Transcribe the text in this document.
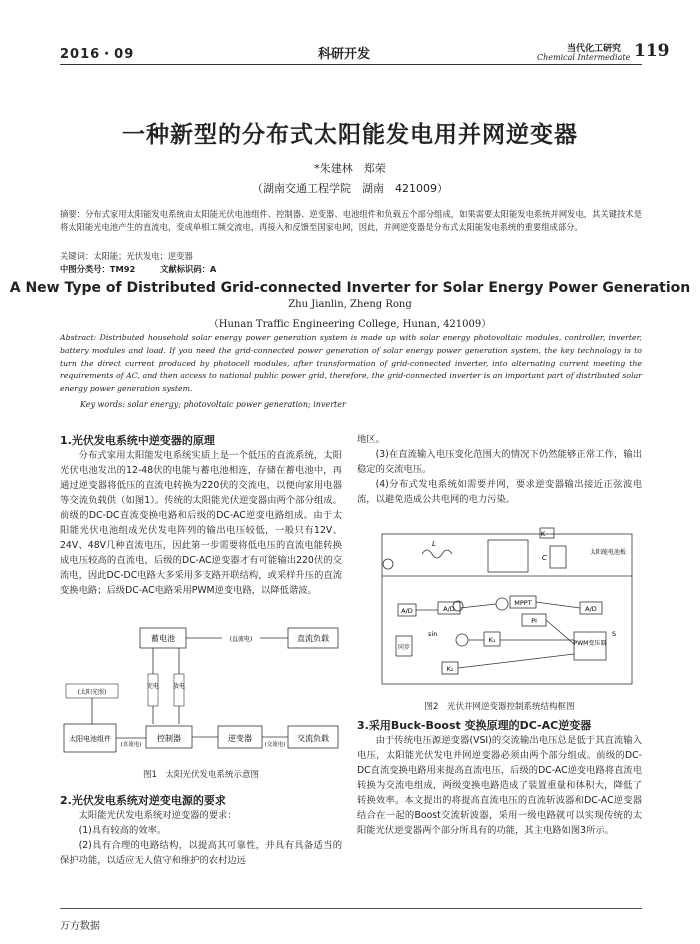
2016・09	科研开发	当代化工研究
Chemical Intermediate 119
一种新型的分布式太阳能发电用并网逆变器
*朱建林　郑荣
（湖南交通工程学院　湖南　421009）
摘要：分布式家用太阳能发电系统由太阳能光伏电池组件、控制器、逆变器、电池组件和负载五个部分组成，如果需要太阳能发电系统并网发电，其关键技术是将太阳能光电池产生的直流电，变成单相工频交流电，再接入和反馈至国家电网，因此，并网逆变器是分布式太阳能发电系统的重要组成部分。
关键词：太阳能；光伏发电；逆变器
中图分类号：TM92　　　文献标识码：A
A New Type of Distributed Grid-connected Inverter for Solar Energy Power Generation
Zhu Jianlin, Zheng Rong
（Hunan Traffic Engineering College, Hunan, 421009）
Abstract: Distributed household solar energy power generation system is made up with solar energy photovoltaic modules, controller, inverter, battery modules and load. If you need the grid-connected power generation of solar energy power generation system, the key technology is to turn the direct current produced by photocell modules, after transformation of grid-connected inverter, into alternating current meeting the requirements of AC, and then access to national public power grid, therefore, the grid-connected inverter is an important part of distributed solar energy power generation system.
Key words: solar energy; photovoltaic power generation; inverter
1.光伏发电系统中逆变器的原理

分布式家用太阳能发电系统实质上是一个低压的直流系统，太阳光伏电池发出的12-48伏的电能与蓄电池相连，存储在蓄电池中，再通过逆变器将低压的直流电转换为220伏的交流电，以便向家用电器等交流负载供（如图1）。传统的太阳能光伏逆变器由两个部分组成。前级的DC-DC直流变换电路和后级的DC-AC逆变电路组成。由于太阳能光伏电池组成光伏发电阵列的输出电压较低，一般只有12V、24V、48V几种直流电压，因此第一步需要将低电压的直流电能转换成电压较高的直流电，后级的DC-AC逆变器才有可能输出220伏的交流电，因此DC-DC电路大多采用多支路开联结构，或采样升压的直流变换电路；后级DC-AC电路采用PWM逆变电路，以降低谐波。

蓄电池	(直流电)	直流负载
(太阳光照)
充电 放电
太阳电池组件
(直流电)
控制器	逆变器
(交流电)
交流负载
图1　太阳光伏发电系统示意图
2.光伏发电系统对逆变电源的要求

太阳能光伏发电系统对逆变器的要求：

(1)具有较高的效率。

(2)具有合理的电路结构，以提高其可靠性，并具有具备适当的保护功能，以适应无人值守和维护的农村边远

地区。

(3)在直流输入电压变化范围大的情况下仍然能够正常工作，输出稳定的交流电压。

(4)分布式发电系统如需要并网，要求逆变器输出接近正弦波电流，以避免造成公共电网的电力污染。

K
太阳能电池板
L
C
A/D	A/D	A/D
MPPT
PI
同步
sin
K₁
K₂
PWM变压器
S
图2　光伏并网逆变器控制系统结构框图
3.采用Buck-Boost 变换原理的DC-AC逆变器

由于传统电压源逆变器(VSI)的交流输出电压总是低于其直流输入电压，太阳能光伏发电并网逆变器必须由两个部分组成。前级的DC-DC直流变换电路用来提高直流电压，后级的DC-AC逆变电路将直流电转换为交流电组成，两级变换电路造成了装置重量和体积大，降低了转换效率。本文提出的将提高直流电压的直流斩波器和DC-AC逆变器结合在一起的Boost交流斩波器，采用一级电路就可以实现传统的太阳能光伏逆变器两个部分所具有的功能，其主电路如图3所示。

万方数据
